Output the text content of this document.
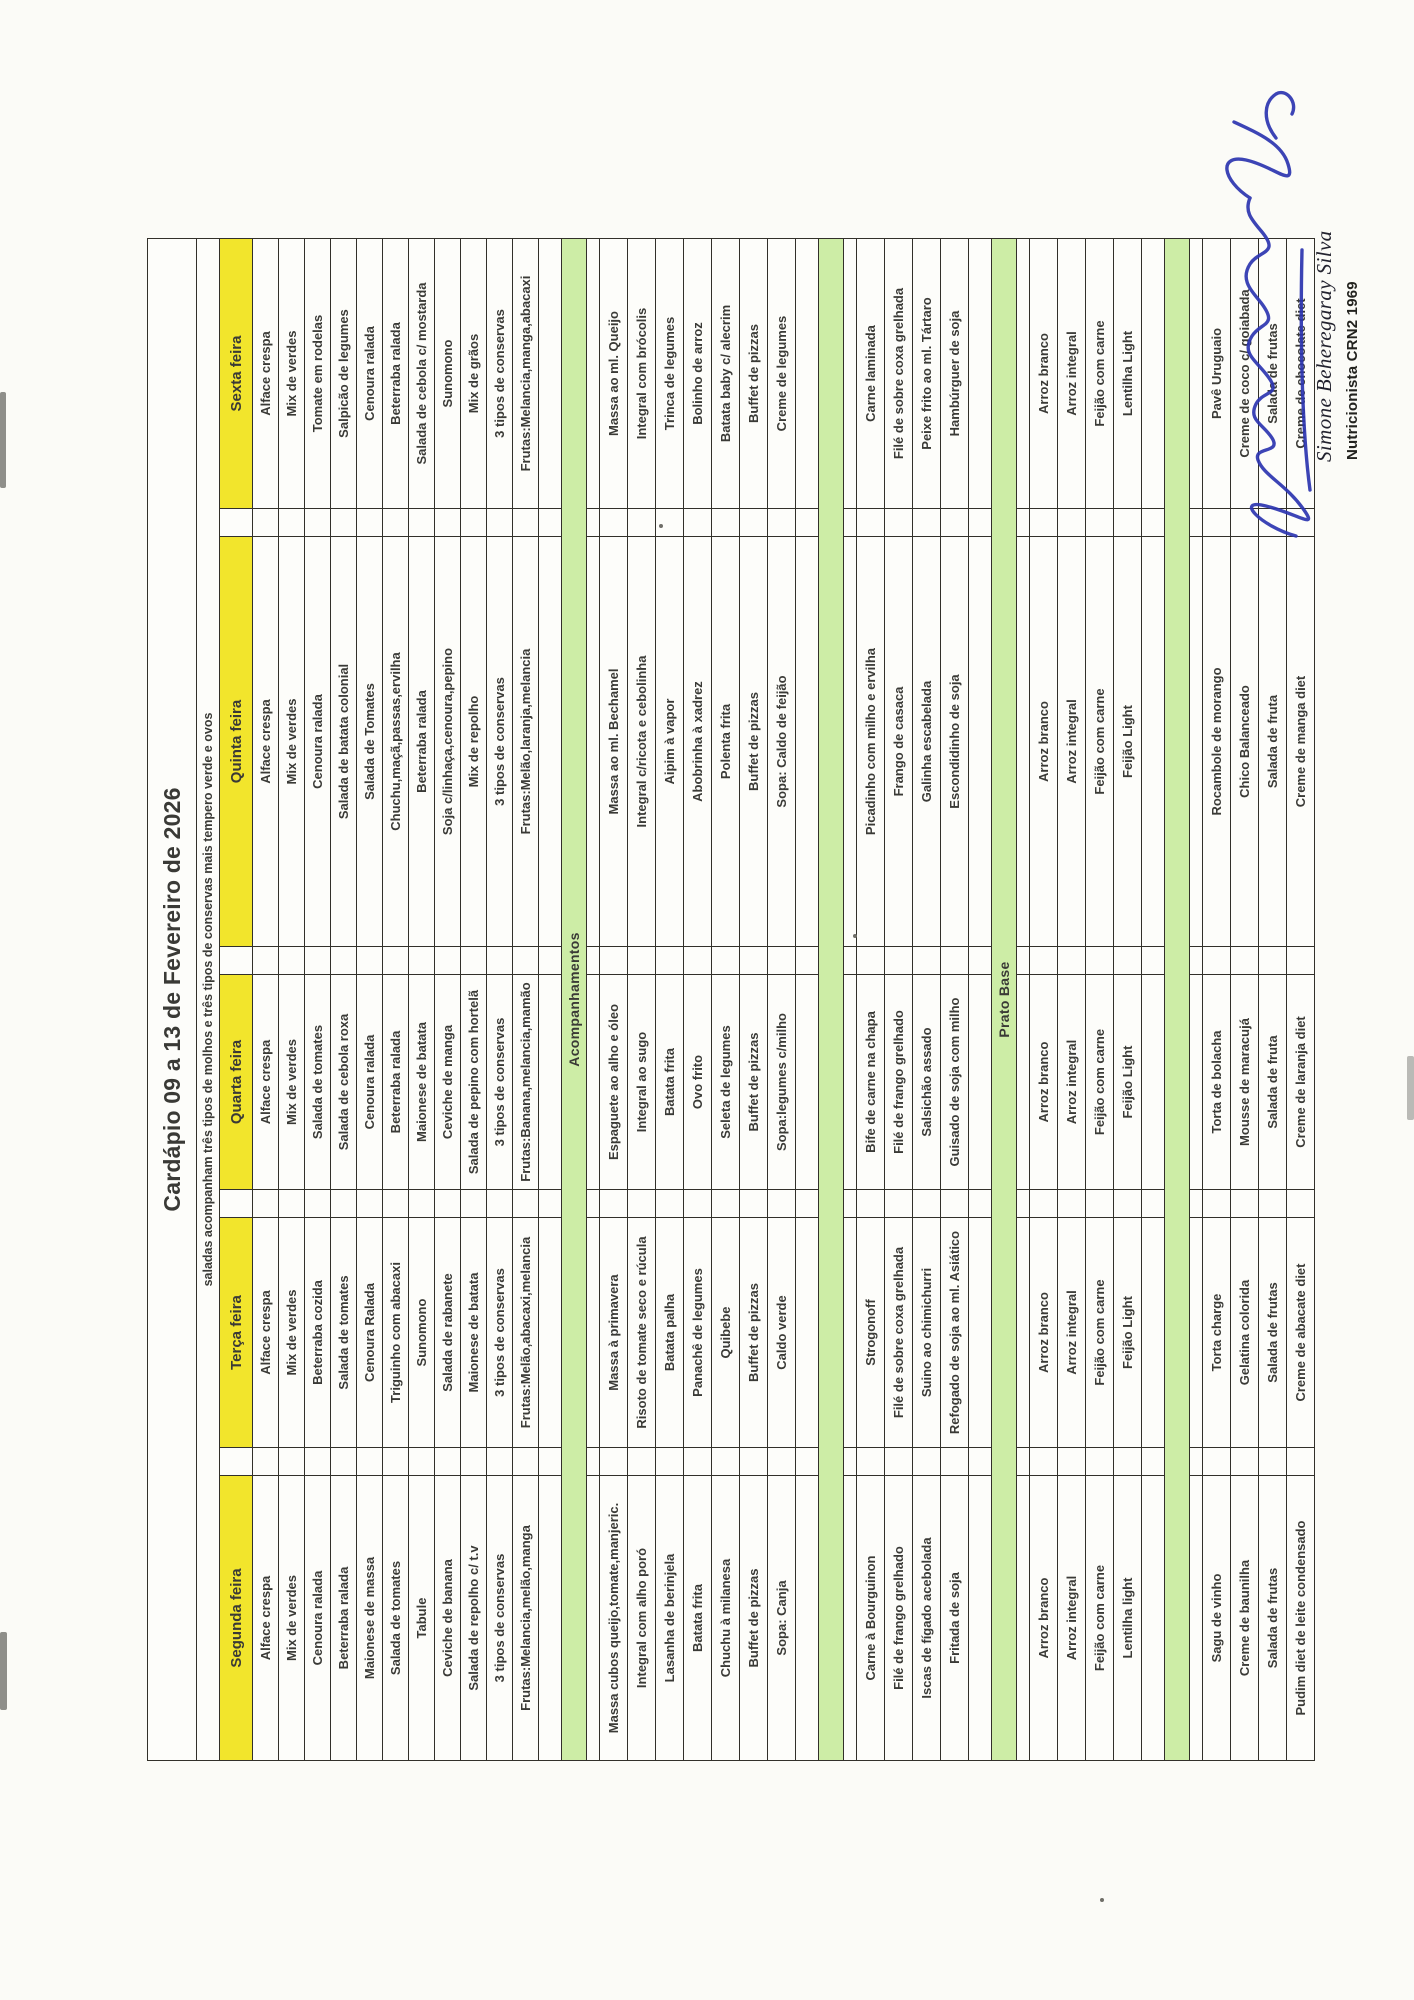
Cardápio 09 a 13 de Fevereiro de 2026								
saladas acompanham três tipos de molhos e três tipos de conservas mais tempero verde e ovos								
Segunda feira		Terça feira		Quarta feira		Quinta feira		Sexta feira
Alface crespa		Alface crespa		Alface crespa		Alface crespa		Alface crespa
Mix de verdes		Mix de verdes		Mix de verdes		Mix de verdes		Mix de verdes
Cenoura ralada		Beterraba cozida		Salada de tomates		Cenoura ralada		Tomate em rodelas
Beterraba ralada		Salada de tomates		Salada de cebola roxa		Salada de batata colonial		Salpicão de legumes
Maionese de massa		Cenoura Ralada		Cenoura ralada		Salada de Tomates		Cenoura ralada
Salada de tomates		Triguinho com abacaxi		Beterraba ralada		Chuchu,maçã,passas,ervilha		Beterraba ralada
Tabule		Sunomono		Maionese de batata		Beterraba ralada		Salada de cebola c/ mostarda
Ceviche de banana		Salada de rabanete		Ceviche de manga		Soja c/linhaça,cenoura,pepino		Sunomono
Salada de repolho c/ t.v		Maionese de batata		Salada de pepino com hortelã		Mix de repolho		Mix de grãos
3 tipos de conservas		3 tipos de conservas		3 tipos de conservas		3 tipos de conservas		3 tipos de conservas
Frutas:Melancia,melão,manga		Frutas:Melão,abacaxi,melancia		Frutas:Banana,melancia,mamão		Frutas:Melão,laranja,melancia		Frutas:Melancia,manga,abacaxi

Acompanhamentos								

Massa cubos queijo,tomate,manjeric.		Massa à primavera		Espaguete ao alho e óleo		Massa ao ml. Bechamel		Massa ao ml. Queijo
Integral com alho poró		Risoto de tomate seco e rúcula		Integral ao sugo		Integral c/ricota e cebolinha		Integral com brócolis
Lasanha de berinjela		Batata palha		Batata frita		Aipim à vapor		Trinca de legumes
Batata frita		Panachê de legumes		Ovo frito		Abobrinha à xadrez		Bolinho de arroz
Chuchu à milanesa		Quibebe		Seleta de legumes		Polenta frita		Batata baby c/ alecrim
Buffet de pizzas		Buffet de pizzas		Buffet de pizzas		Buffet de pizzas		Buffet de pizzas
Sopa: Canja		Caldo verde		Sopa:legumes c/milho		Sopa: Caldo de feijão		Creme de legumes

Carne à Bourguinon		Strogonoff		Bife de carne na chapa		Picadinho com milho e ervilha		Carne laminada
Filé de frango grelhado		Filé de sobre coxa grelhada		Filé de frango grelhado		Frango de casaca		Filé de sobre coxa grelhada
Iscas de fígado acebolada		Suino ao chimichurri		Salsichão assado		Galinha escabelada		Peixe frito ao ml. Tártaro
Fritada de soja		Refogado de soja ao ml. Asiático		Guisado de soja com milho		Escondidinho de soja		Hambúrguer de soja

Prato Base								

Arroz branco		Arroz branco		Arroz branco		Arroz branco		Arroz branco
Arroz integral		Arroz integral		Arroz integral		Arroz integral		Arroz integral
Feijão com carne		Feijão com carne		Feijão com carne		Feijão com carne		Feijão com carne
Lentilha light		Feijão Light		Feijão Light		Feijão Light		Lentilha Light

Sagu de vinho		Torta charge		Torta de bolacha		Rocambole de morango		Pavê Uruguaio
Creme de baunilha		Gelatina colorida		Mousse de maracujá		Chico Balanceado		Creme de coco c/ goiabada
Salada de frutas		Salada de frutas		Salada de fruta		Salada de fruta		Salada de frutas
Pudim diet de leite condensado		Creme de abacate diet		Creme de laranja diet		Creme de manga diet		Creme de chocolate diet Simone Beheregaray Silva Nutricionista CRN2 1969
